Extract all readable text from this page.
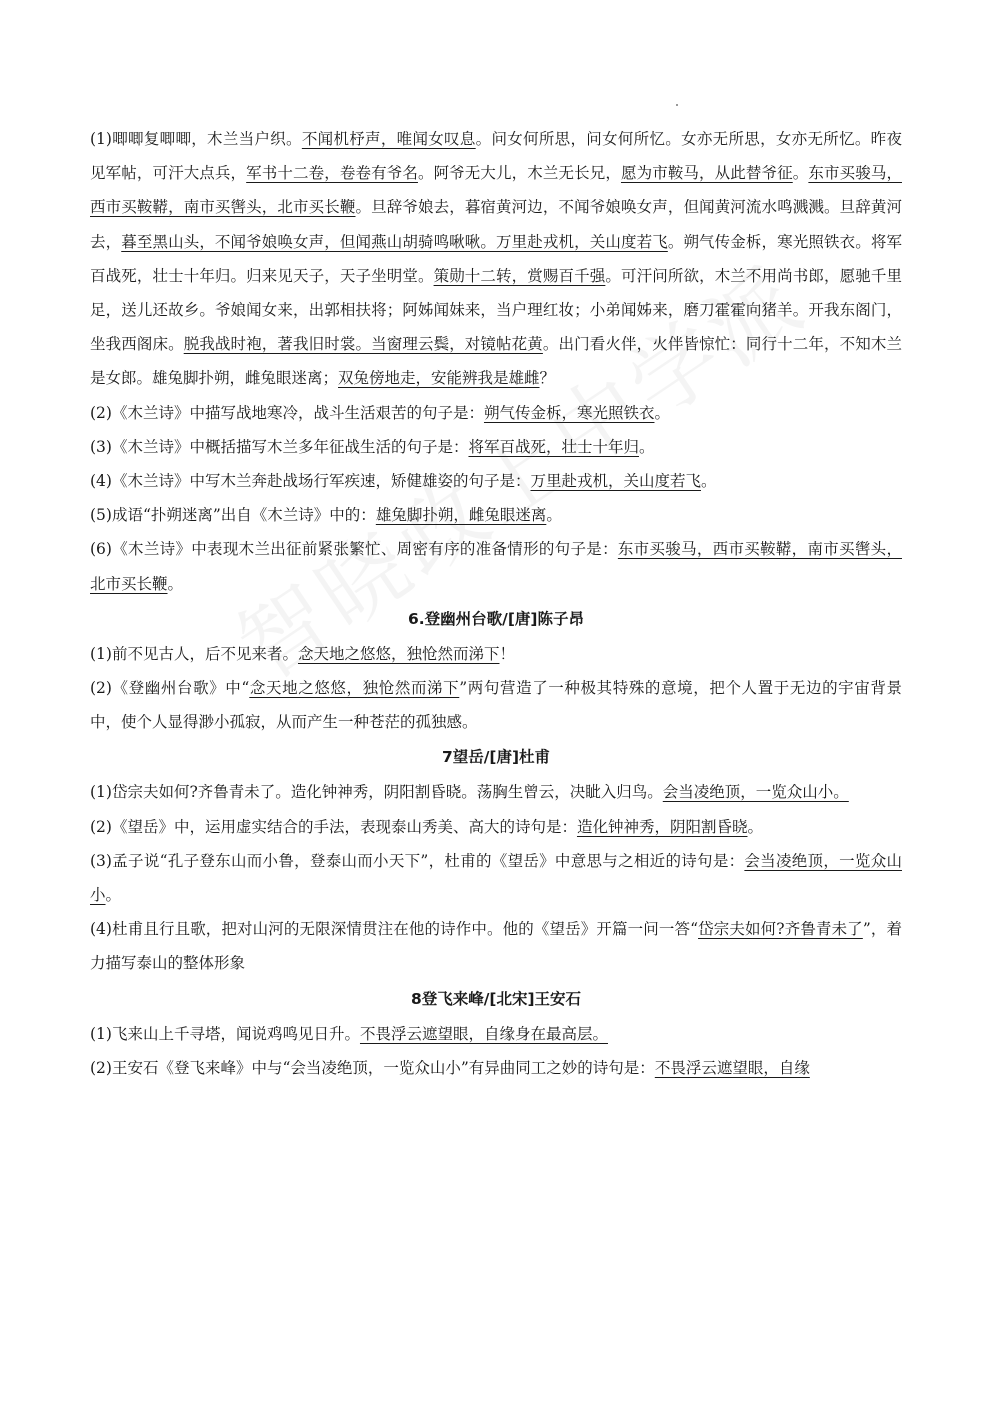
(1)唧唧复唧唧，木兰当户织。不闻机杼声，唯闻女叹息。问女何所思，问女何所忆。女亦无所思，女亦无所忆。昨夜见军帖，可汗大点兵，军书十二卷，卷卷有爷名。阿爷无大儿，木兰无长兄，愿为市鞍马，从此替爷征。东市买骏马，西市买鞍鞯，南市买辔头，北市买长鞭。旦辞爷娘去，暮宿黄河边，不闻爷娘唤女声，但闻黄河流水鸣溅溅。旦辞黄河去，暮至黑山头，不闻爷娘唤女声，但闻燕山胡骑鸣啾啾。万里赴戎机，关山度若飞。朔气传金柝，寒光照铁衣。将军百战死，壮士十年归。归来见天子，天子坐明堂。策勋十二转，赏赐百千强。可汗问所欲，木兰不用尚书郎，愿驰千里足，送儿还故乡。爷娘闻女来，出郭相扶将；阿姊闻妹来，当户理红妆；小弟闻姊来，磨刀霍霍向猪羊。开我东阁门，坐我西阁床。脱我战时袍，著我旧时裳。当窗理云鬓，对镜帖花黄。出门看火伴，火伴皆惊忙：同行十二年，不知木兰是女郎。雄兔脚扑朔，雌兔眼迷离；双兔傍地走，安能辨我是雄雌？

(2)《木兰诗》中描写战地寒冷，战斗生活艰苦的句子是：朔气传金柝，寒光照铁衣。

(3)《木兰诗》中概括描写木兰多年征战生活的句子是：将军百战死，壮士十年归。

(4)《木兰诗》中写木兰奔赴战场行军疾速，矫健雄姿的句子是：万里赴戎机，关山度若飞。

(5)成语“扑朔迷离”出自《木兰诗》中的：雄兔脚扑朔，雌兔眼迷离。

(6)《木兰诗》中表现木兰出征前紧张繁忙、周密有序的准备情形的句子是：东市买骏马，西市买鞍鞯，南市买辔头，北市买长鞭。

6.登幽州台歌/[唐]陈子昂

(1)前不见古人，后不见来者。念天地之悠悠，独怆然而涕下！

(2)《登幽州台歌》中“念天地之悠悠，独怆然而涕下”两句营造了一种极其特殊的意境，把个人置于无边的宇宙背景中，使个人显得渺小孤寂，从而产生一种苍茫的孤独感。

7望岳/[唐]杜甫

(1)岱宗夫如何?齐鲁青未了。造化钟神秀，阴阳割昏晓。荡胸生曾云，决眦入归鸟。会当凌绝顶，一览众山小。

(2)《望岳》中，运用虚实结合的手法，表现泰山秀美、高大的诗句是：造化钟神秀，阴阳割昏晓。

(3)孟子说“孔子登东山而小鲁，登泰山而小天下”，杜甫的《望岳》中意思与之相近的诗句是：会当凌绝顶，一览众山小。

(4)杜甫且行且歌，把对山河的无限深情贯注在他的诗作中。他的《望岳》开篇一问一答“岱宗夫如何?齐鲁青未了”，着力描写泰山的整体形象

8登飞来峰/[北宋]王安石

(1)飞来山上千寻塔，闻说鸡鸣见日升。不畏浮云遮望眼，自缘身在最高层。

(2)王安石《登飞来峰》中与“会当凌绝顶，一览众山小”有异曲同工之妙的诗句是：不畏浮云遮望眼，自缘
